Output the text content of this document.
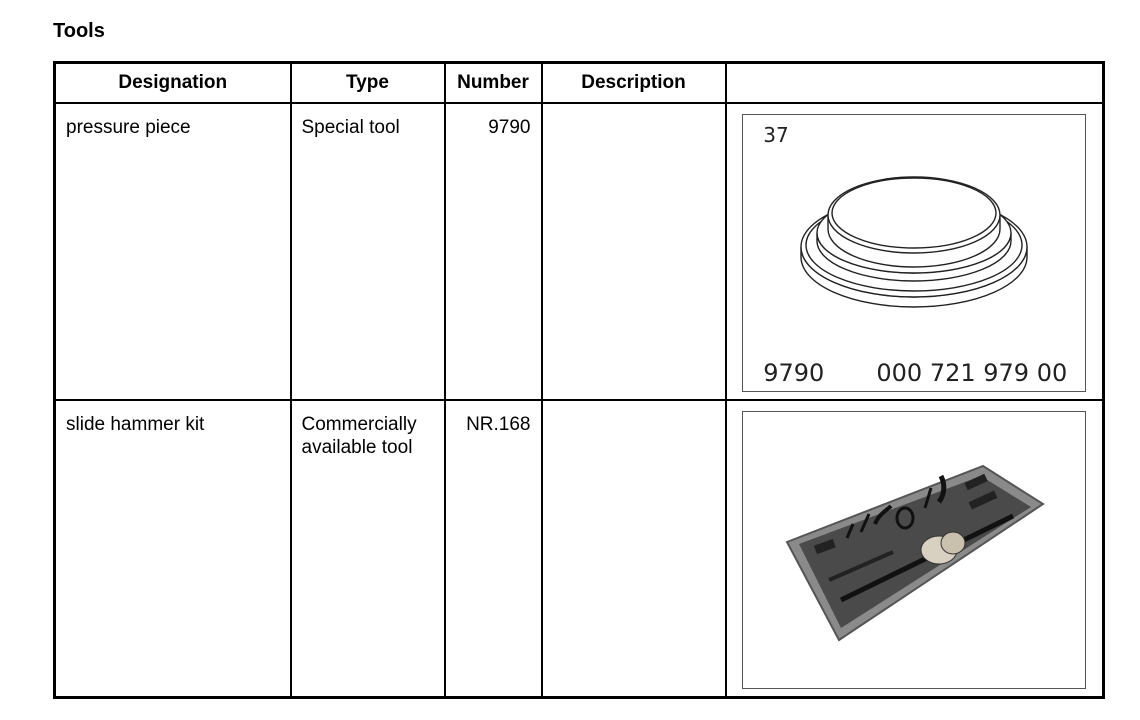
Tools
Designation	Type	Number	Description	

pressure piece	Special tool	9790		37
9790 000 721 979 00

slide hammer kit	Commercially available tool	NR.168
